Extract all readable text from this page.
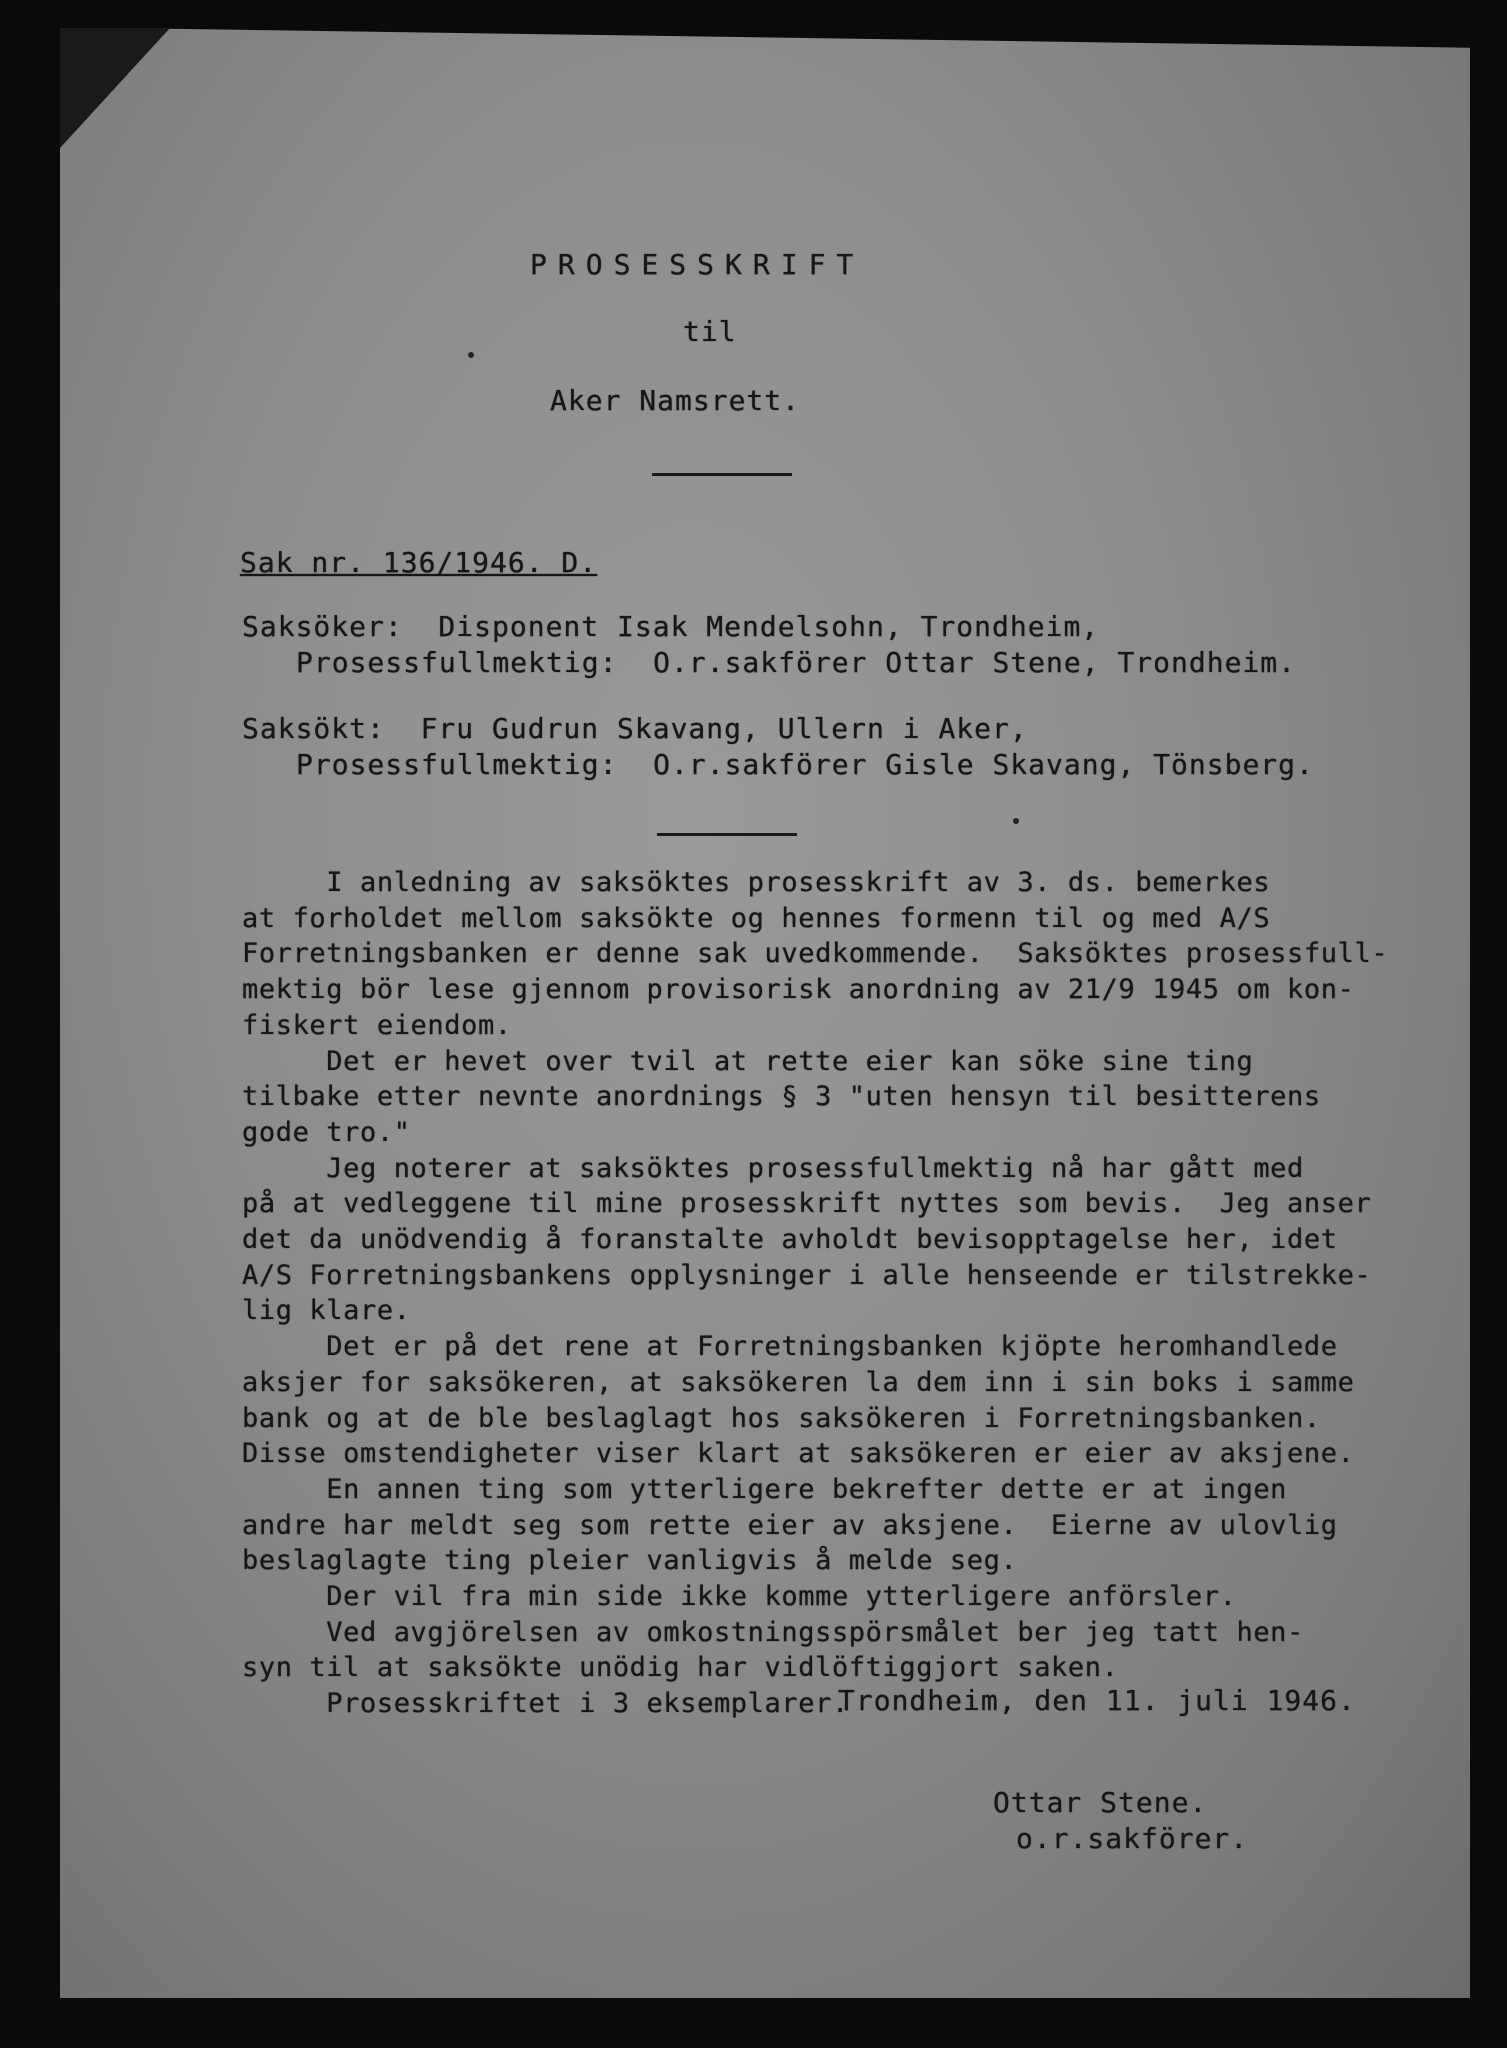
PROSESSKRIFT
til
Aker Namsrett.
Sak nr. 136/1946. D.
Saksöker:  Disponent Isak Mendelsohn, Trondheim,
Prosessfullmektig:  O.r.sakförer Ottar Stene, Trondheim.
Saksökt:  Fru Gudrun Skavang, Ullern i Aker,
Prosessfullmektig:  O.r.sakförer Gisle Skavang, Tönsberg.
I anledning av saksöktes prosesskrift av 3. ds. bemerkes
at forholdet mellom saksökte og hennes formenn til og med A/S
Forretningsbanken er denne sak uvedkommende.  Saksöktes prosessfull-
mektig bör lese gjennom provisorisk anordning av 21/9 1945 om kon-
fiskert eiendom.
Det er hevet over tvil at rette eier kan söke sine ting
tilbake etter nevnte anordnings § 3 "uten hensyn til besitterens
gode tro."
Jeg noterer at saksöktes prosessfullmektig nå har gått med
på at vedleggene til mine prosesskrift nyttes som bevis.  Jeg anser
det da unödvendig å foranstalte avholdt bevisopptagelse her, idet
A/S Forretningsbankens opplysninger i alle henseende er tilstrekke-
lig klare.
Det er på det rene at Forretningsbanken kjöpte heromhandlede
aksjer for saksökeren, at saksökeren la dem inn i sin boks i samme
bank og at de ble beslaglagt hos saksökeren i Forretningsbanken.
Disse omstendigheter viser klart at saksökeren er eier av aksjene.
En annen ting som ytterligere bekrefter dette er at ingen
andre har meldt seg som rette eier av aksjene.  Eierne av ulovlig
beslaglagte ting pleier vanligvis å melde seg.
Der vil fra min side ikke komme ytterligere anförsler.
Ved avgjörelsen av omkostningsspörsmålet ber jeg tatt hen-
syn til at saksökte unödig har vidlöftiggjort saken.
Prosesskriftet i 3 eksemplarer.
Trondheim, den 11. juli 1946.
Ottar Stene.
o.r.sakförer.
